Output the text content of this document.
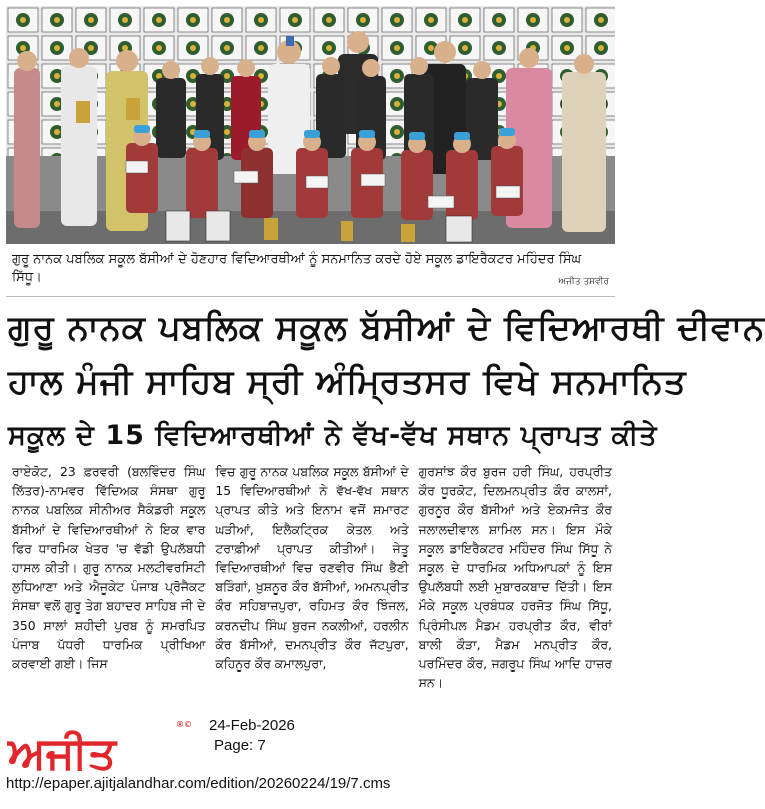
ਗੁਰੂ ਨਾਨਕ ਪਬਲਿਕ ਸਕੂਲ ਬੱਸੀਆਂ ਦੇ ਹੋਣਹਾਰ ਵਿਦਿਆਰਥੀਆਂ ਨੂੰ ਸਨਮਾਨਿਤ ਕਰਦੇ ਹੋਏ ਸਕੂਲ ਡਾਇਰੈਕਟਰ ਮਹਿੰਦਰ ਸਿੰਘ ਸਿੱਧੂ।	ਅਜੀਤ ਤਸਵੀਰ
ਗੁਰੂ ਨਾਨਕ ਪਬਲਿਕ ਸਕੂਲ ਬੱਸੀਆਂ ਦੇ ਵਿਦਿਆਰਥੀ ਦੀਵਾਨ
ਹਾਲ ਮੰਜੀ ਸਾਹਿਬ ਸ੍ਰੀ ਅੰਮ੍ਰਿਤਸਰ ਵਿਖੇ ਸਨਮਾਨਿਤ
ਸਕੂਲ ਦੇ 15 ਵਿਦਿਆਰਥੀਆਂ ਨੇ ਵੱਖ-ਵੱਖ ਸਥਾਨ ਪ੍ਰਾਪਤ ਕੀਤੇ
ਰਾਏਕੋਟ, 23 ਫ਼ਰਵਰੀ (ਬਲਵਿੰਦਰ ਸਿੰਘ ਲਿੱਤਰ)-ਨਾਮਵਰ ਵਿੱਦਿਅਕ ਸੰਸਥਾ ਗੁਰੂ ਨਾਨਕ ਪਬਲਿਕ ਸੀਨੀਅਰ ਸੈਕੰਡਰੀ ਸਕੂਲ ਬੱਸੀਆਂ ਦੇ ਵਿਦਿਆਰਥੀਆਂ ਨੇ ਇਕ ਵਾਰ ਫਿਰ ਧਾਰਮਿਕ ਖੇਤਰ 'ਚ ਵੱਡੀ ਉਪਲੱਬਧੀ ਹਾਸਲ ਕੀਤੀ। ਗੁਰੂ ਨਾਨਕ ਮਲਟੀਵਰਸਿਟੀ ਲੁਧਿਆਣਾ ਅਤੇ ਐਜੂਕੇਟ ਪੰਜਾਬ ਪ੍ਰੋਜੈਕਟ ਸੰਸਥਾ ਵਲੋਂ ਗੁਰੂ ਤੇਗ ਬਹਾਦਰ ਸਾਹਿਬ ਜੀ ਦੇ 350 ਸਾਲਾਂ ਸ਼ਹੀਦੀ ਪੁਰਬ ਨੂੰ ਸਮਰਪਿਤ ਪੰਜਾਬ ਪੱਧਰੀ ਧਾਰਮਿਕ ਪ੍ਰੀਖਿਆ ਕਰਵਾਈ ਗਈ। ਜਿਸ
ਵਿਚ ਗੁਰੂ ਨਾਨਕ ਪਬਲਿਕ ਸਕੂਲ ਬੱਸੀਆਂ ਦੇ 15 ਵਿਦਿਆਰਥੀਆਂ ਨੇ ਵੱਖ-ਵੱਖ ਸਥਾਨ ਪ੍ਰਾਪਤ ਕੀਤੇ ਅਤੇ ਇਨਾਮ ਵਜੋਂ ਸਮਾਰਟ ਘੜੀਆਂ, ਇਲੈਕਟ੍ਰਿਕ ਕੇਤਲ ਅਤੇ ਟਰਾਫ਼ੀਆਂ ਪ੍ਰਾਪਤ ਕੀਤੀਆਂ। ਜੇਤੂ ਵਿਦਿਆਰਥੀਆਂ ਵਿਚ ਰਣਵੀਰ ਸਿੰਘ ਭੈਣੀ ਬੜਿੰਗਾਂ, ਖ਼ੁਸ਼ਨੂਰ ਕੌਰ ਬੱਸੀਆਂ, ਅਮਨਪ੍ਰੀਤ ਕੌਰ ਸਹਿਬਾਜ਼ਪੁਰਾ, ਰਹਿਮਤ ਕੌਰ ਝਿੰਜਲ, ਕਰਨਦੀਪ ਸਿੰਘ ਬੁਰਜ ਨਕਲੀਆਂ, ਹਰਲੀਨ ਕੌਰ ਬੱਸੀਆਂ, ਦਮਨਪ੍ਰੀਤ ਕੌਰ ਜੱਟਪੁਰਾ, ਕਹਿਨੂਰ ਕੌਰ ਕਮਾਲਪੁਰਾ,
ਗੁਰਸਾਂਝ ਕੌਰ ਬੁਰਜ ਹਰੀ ਸਿੰਘ, ਹਰਪ੍ਰੀਤ ਕੌਰ ਧੂਰਕੋਟ, ਦਿਲਮਨਪ੍ਰੀਤ ਕੌਰ ਕਾਲਸਾਂ, ਗੁਰਨੂਰ ਕੌਰ ਬੱਸੀਆਂ ਅਤੇ ਏਕਮਜੋਤ ਕੌਰ ਜਲਾਲਦੀਵਾਲ ਸ਼ਾਮਿਲ ਸਨ। ਇਸ ਮੌਕੇ ਸਕੂਲ ਡਾਇਰੈਕਟਰ ਮਹਿੰਦਰ ਸਿੰਘ ਸਿੱਧੂ ਨੇ ਸਕੂਲ ਦੇ ਧਾਰਮਿਕ ਅਧਿਆਪਕਾਂ ਨੂੰ ਇਸ ਉਪਲੱਬਧੀ ਲਈ ਮੁਬਾਰਕਬਾਦ ਦਿੱਤੀ। ਇਸ ਮੌਕੇ ਸਕੂਲ ਪ੍ਰਬੰਧਕ ਹਰਜੋਤ ਸਿੰਘ ਸਿੱਧੂ, ਪ੍ਰਿੰਸੀਪਲ ਮੈਡਮ ਹਰਪ੍ਰੀਤ ਕੌਰ, ਵੀਰਾਂ ਬਾਲੀ ਕੌੜਾ, ਮੈਡਮ ਮਨਪ੍ਰੀਤ ਕੌਰ, ਪਰਮਿੰਦਰ ਕੌਰ, ਜਗਰੂਪ ਸਿੰਘ ਆਦਿ ਹਾਜ਼ਰ ਸਨ।
ਅਜੀਤ
®© 24-Feb-2026
Page: 7
http://epaper.ajitjalandhar.com/edition/20260224/19/7.cms
